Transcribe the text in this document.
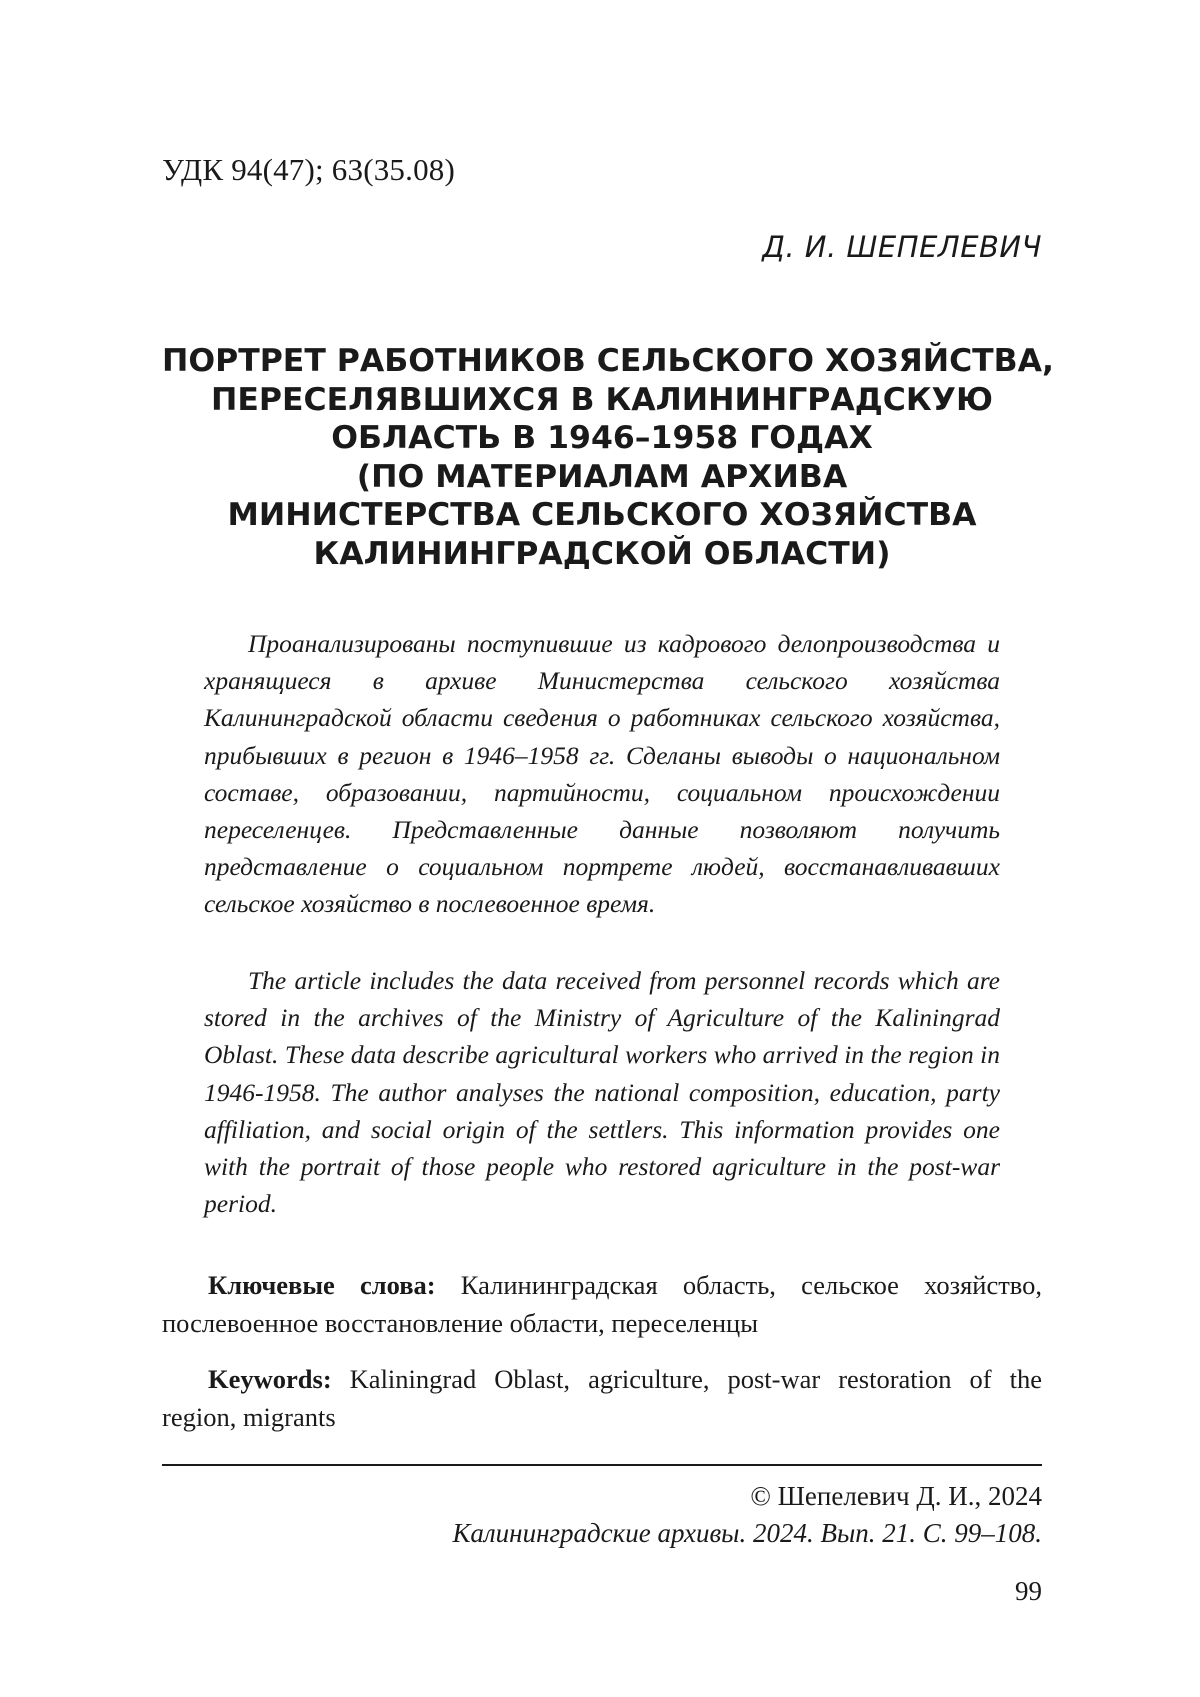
УДК 94(47); 63(35.08)
Д. И. ШЕПЕЛЕВИЧ
ПОРТРЕТ РАБОТНИКОВ СЕЛЬСКОГО ХОЗЯЙСТВА,
ПЕРЕСЕЛЯВШИХСЯ В КАЛИНИНГРАДСКУЮ
ОБЛАСТЬ В 1946–1958 ГОДАХ
(ПО МАТЕРИАЛАМ АРХИВА
МИНИСТЕРСТВА СЕЛЬСКОГО ХОЗЯЙСТВА
КАЛИНИНГРАДСКОЙ ОБЛАСТИ)

Проанализированы поступившие из кадрового делопроизводства и хранящиеся в архиве Министерства сельского хозяйства Калининградской области сведения о работниках сельского хозяйства, прибывших в регион в 1946–1958 гг. Сделаны выводы о национальном составе, образовании, партийности, социальном происхождении переселенцев. Представленные данные позволяют получить представление о социальном портрете людей, восстанавливавших сельское хозяйство в послевоенное время.

The article includes the data received from personnel records which are stored in the archives of the Ministry of Agriculture of the Kaliningrad Oblast. These data describe agricultural workers who arrived in the region in 1946-1958. The author analyses the national composition, education, party affiliation, and social origin of the settlers. This information provides one with the portrait of those people who restored agriculture in the post-war period.

Ключевые слова: Калининградская область, сельское хозяйство, послевоенное восстановление области, переселенцы

Keywords: Kaliningrad Oblast, agriculture, post-war restoration of the region, migrants

© Шепелевич Д. И., 2024
Калининградские архивы. 2024. Вып. 21. С. 99–108.
99
